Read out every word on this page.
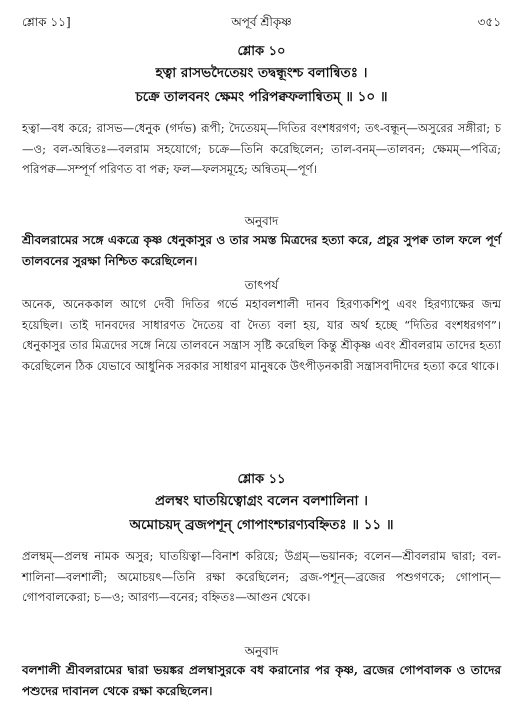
শ্লোক ১১]	অপূর্ব শ্রীকৃষ্ণ	৩৫১
শ্লোক ১০
হত্বা রাসভদৈতেয়ং তদ্বন্ধূংশ্চ বলান্বিতঃ ।
চক্রে তালবনং ক্ষেমং পরিপক্বফলান্বিতম্ ॥ ১০ ॥

হত্বা—বধ করে; রাসভ—ধেনুক (গর্দভ) রূপী; দৈতেয়ম্—দিতির বংশধরগণ; তৎ-বন্ধূন্—অসুরের সঙ্গীরা; চ—ও; বল-অন্বিতঃ—বলরাম সহযোগে; চক্রে—তিনি করেছিলেন; তাল-বনম্—তালবন; ক্ষেমম্—পবিত্র; পরিপক্ব—সম্পূর্ণ পরিণত বা পক্ব; ফল—ফলসমূহে; অন্বিতম্—পূর্ণ।

অনুবাদ

শ্রীবলরামের সঙ্গে একত্রে কৃষ্ণ ধেনুকাসুর ও তার সমস্ত মিত্রদের হত্যা করে, প্রচুর সুপক্ব তাল ফলে পূর্ণ তালবনের সুরক্ষা নিশ্চিত করেছিলেন।

তাৎপর্য

অনেক, অনেককাল আগে দেবী দিতির গর্ভে মহাবলশালী দানব হিরণ্যকশিপু এবং হিরণ্যাক্ষের জন্ম হয়েছিল। তাই দানবদের সাধারণত দৈতেয় বা দৈত্য বলা হয়, যার অর্থ হচ্ছে “দিতির বংশধরগণ”। ধেনুকাসুর তার মিত্রদের সঙ্গে নিয়ে তালবনে সন্ত্রাস সৃষ্টি করেছিল কিন্তু শ্রীকৃষ্ণ এবং শ্রীবলরাম তাদের হত্যা করেছিলেন ঠিক যেভাবে আধুনিক সরকার সাধারণ মানুষকে উৎপীড়নকারী সন্ত্রাসবাদীদের হত্যা করে থাকে।

শ্লোক ১১
প্রলম্বং ঘাতয়িত্বোগ্রং বলেন বলশালিনা ।
অমোচয়দ্ ব্রজপশূন্ গোপাংশ্চারণ্যবহ্নিতঃ ॥ ১১ ॥

প্রলম্বম্—প্রলম্ব নামক অসুর; ঘাতয়িত্বা—বিনাশ করিয়ে; উগ্রম্—ভয়ানক; বলেন—শ্রীবলরাম দ্বারা; বল-শালিনা—বলশালী; অমোচয়ৎ—তিনি রক্ষা করেছিলেন; ব্রজ-পশূন্—ব্রজের পশুগণকে; গোপান্—গোপবালকেরা; চ—ও; আরণ্য—বনের; বহ্নিতঃ—আগুন থেকে।

অনুবাদ

বলশালী শ্রীবলরামের দ্বারা ভয়ঙ্কর প্রলম্বাসুরকে বধ করানোর পর কৃষ্ণ, ব্রজের গোপবালক ও তাদের পশুদের দাবানল থেকে রক্ষা করেছিলেন।
